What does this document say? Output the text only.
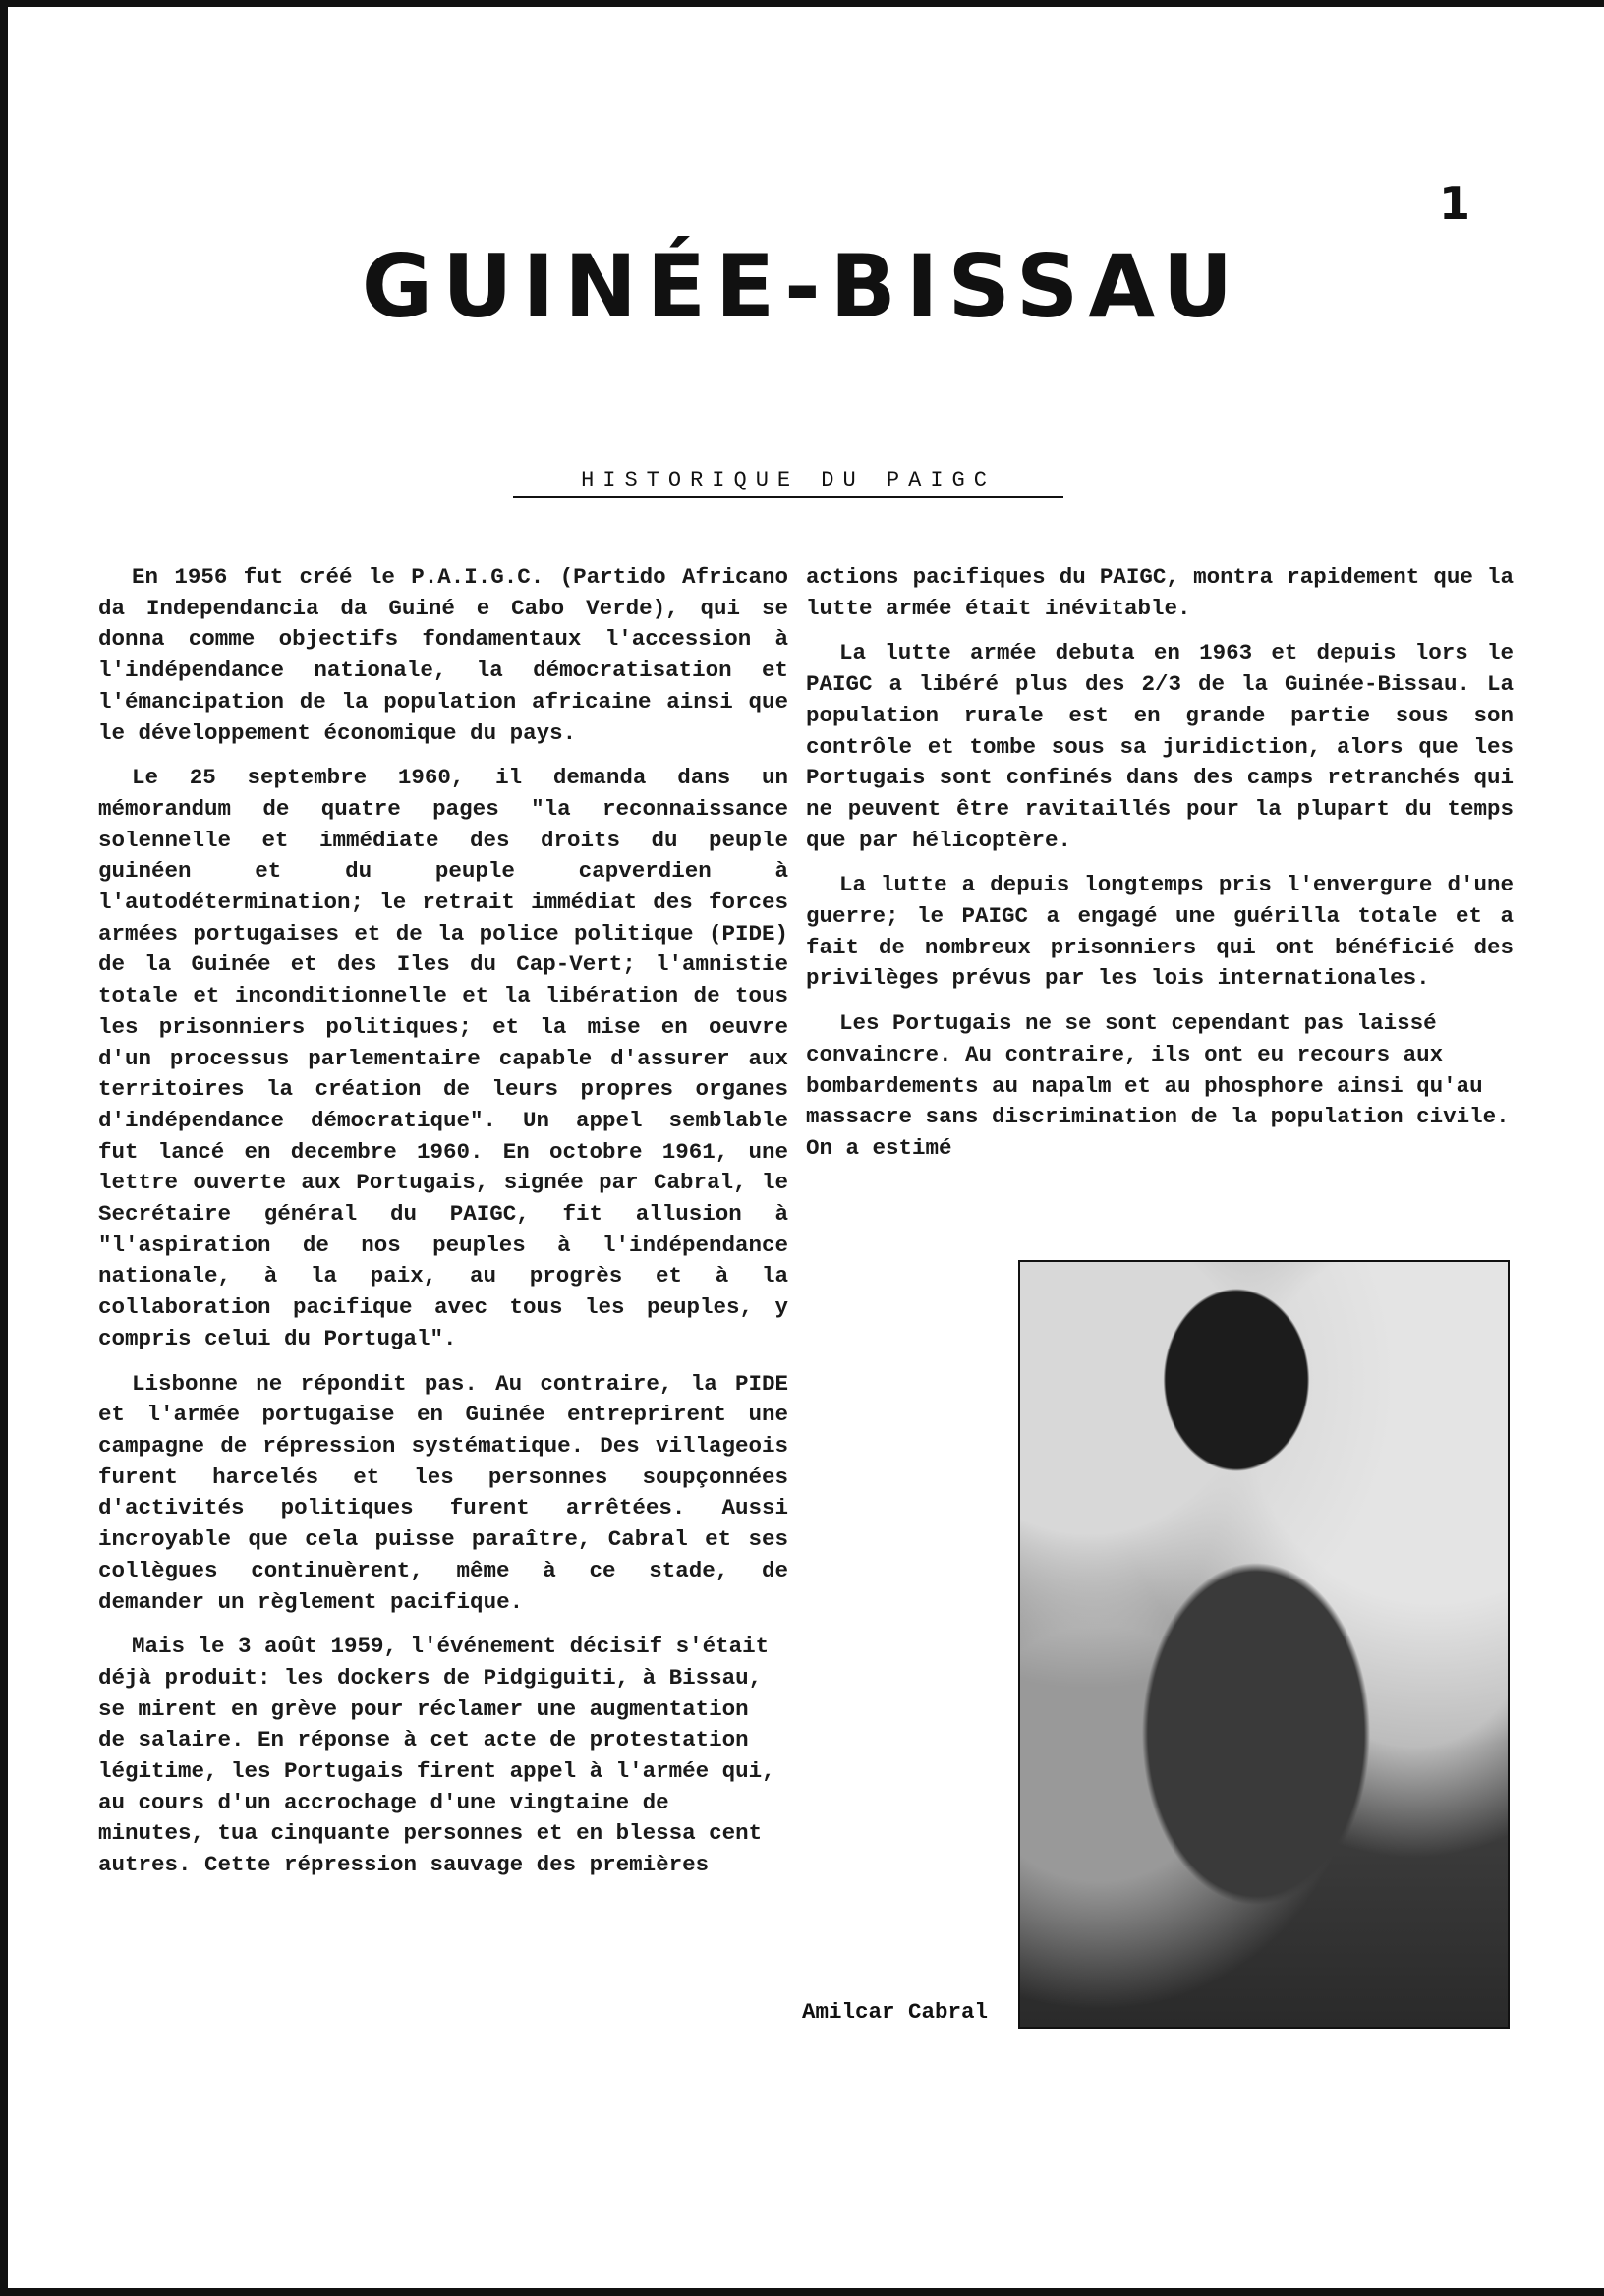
1
GUINÉE-BISSAU
HISTORIQUE DU PAIGC

En 1956 fut créé le P.A.I.G.C. (Partido Africano da Independancia da Guiné e Cabo Verde), qui se donna comme objectifs fondamentaux l'accession à l'indépendance nationale, la démocratisation et l'émancipation de la population africaine ainsi que le développement économique du pays.

Le 25 septembre 1960, il demanda dans un mémorandum de quatre pages "la reconnaissance solennelle et immédiate des droits du peuple guinéen et du peuple capverdien à l'autodétermination; le retrait immédiat des forces armées portugaises et de la police politique (PIDE) de la Guinée et des Iles du Cap-Vert; l'amnistie totale et inconditionnelle et la libération de tous les prisonniers politiques; et la mise en oeuvre d'un processus parlementaire capable d'assurer aux territoires la création de leurs propres organes d'indépendance démocratique". Un appel semblable fut lancé en decembre 1960. En octobre 1961, une lettre ouverte aux Portugais, signée par Cabral, le Secrétaire général du PAIGC, fit allusion à "l'aspiration de nos peuples à l'indépendance nationale, à la paix, au progrès et à la collaboration pacifique avec tous les peuples, y compris celui du Portugal".

Lisbonne ne répondit pas. Au contraire, la PIDE et l'armée portugaise en Guinée entreprirent une campagne de répression systématique. Des villageois furent harcelés et les personnes soupçonnées d'activités politiques furent arrêtées. Aussi incroyable que cela puisse paraître, Cabral et ses collègues continuèrent, même à ce stade, de demander un règlement pacifique.

Mais le 3 août 1959, l'événement décisif s'était déjà produit: les dockers de Pidgiguiti, à Bissau, se mirent en grève pour réclamer une augmentation de salaire. En réponse à cet acte de protestation légitime, les Portugais firent appel à l'armée qui, au cours d'un accrochage d'une vingtaine de minutes, tua cinquante personnes et en blessa cent autres. Cette répression sauvage des premières

actions pacifiques du PAIGC, montra rapidement que la lutte armée était inévitable.

La lutte armée debuta en 1963 et depuis lors le PAIGC a libéré plus des 2/3 de la Guinée-Bissau. La population rurale est en grande partie sous son contrôle et tombe sous sa juridiction, alors que les Portugais sont confinés dans des camps retranchés qui ne peuvent être ravitaillés pour la plupart du temps que par hélicoptère.

La lutte a depuis longtemps pris l'envergure d'une guerre; le PAIGC a engagé une guérilla totale et a fait de nombreux prisonniers qui ont bénéficié des privilèges prévus par les lois internationales.

Les Portugais ne se sont cependant pas laissé convaincre. Au contraire, ils ont eu recours aux bombardements au napalm et au phosphore ainsi qu'au massacre sans discrimination de la population civile. On a estimé

Amilcar Cabral
